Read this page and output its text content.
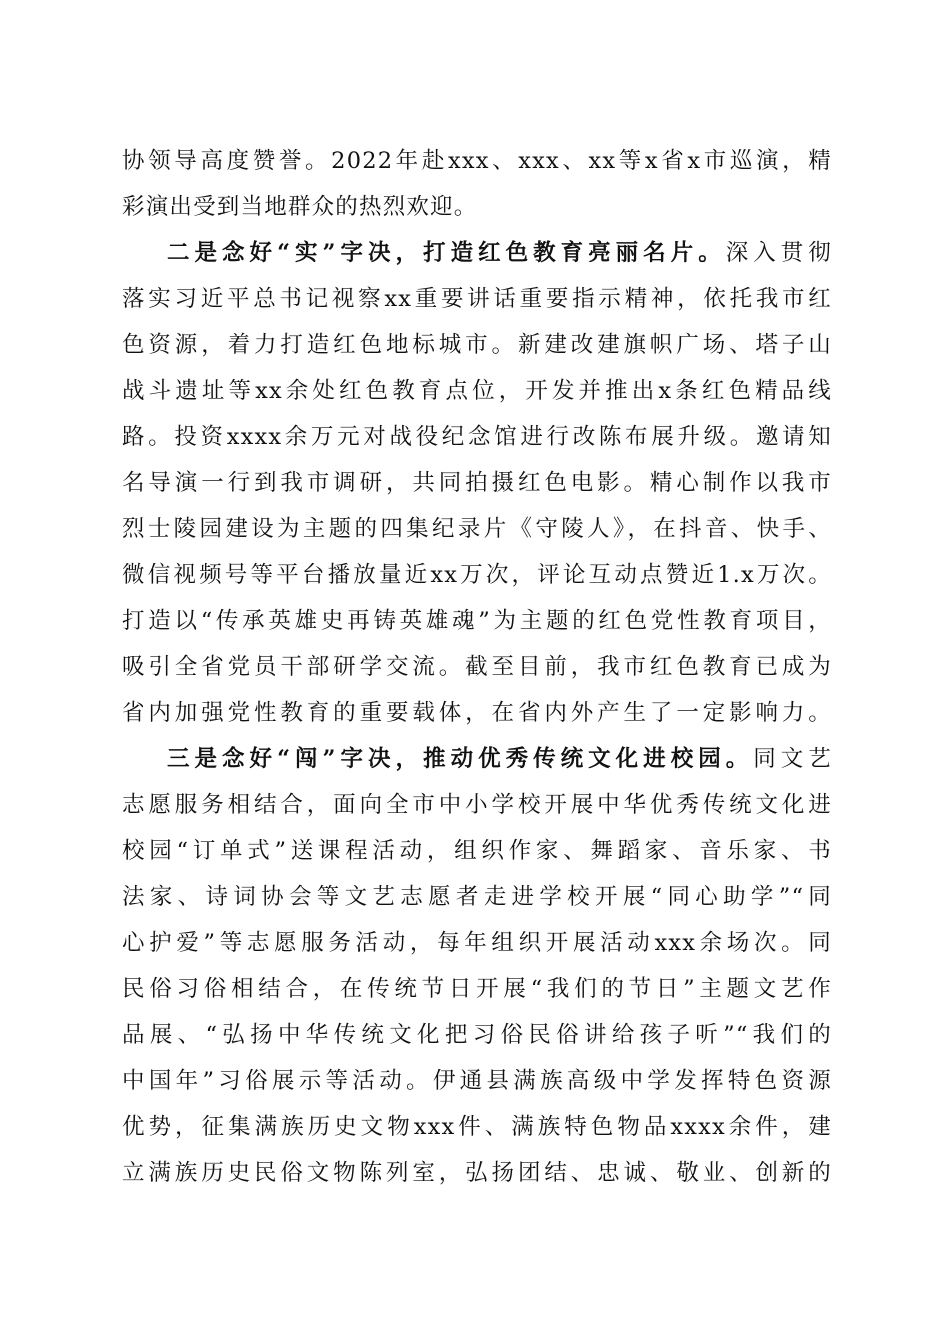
协领导高度赞誉。2022年赴xxx、xxx、xx等x省x市巡演，精
彩演出受到当地群众的热烈欢迎。
二是念好“实”字决，打造红色教育亮丽名片。深入贯彻
落实习近平总书记视察xx重要讲话重要指示精神，依托我市红
色资源，着力打造红色地标城市。新建改建旗帜广场、塔子山
战斗遗址等xx余处红色教育点位，开发并推出x条红色精品线
路。投资xxxx余万元对战役纪念馆进行改陈布展升级。邀请知
名导演一行到我市调研，共同拍摄红色电影。精心制作以我市
烈士陵园建设为主题的四集纪录片《守陵人》，在抖音、快手、
微信视频号等平台播放量近xx万次，评论互动点赞近1.x万次。
打造以“传承英雄史再铸英雄魂”为主题的红色党性教育项目，
吸引全省党员干部研学交流。截至目前，我市红色教育已成为
省内加强党性教育的重要载体，在省内外产生了一定影响力。
三是念好“闯”字决，推动优秀传统文化进校园。同文艺
志愿服务相结合，面向全市中小学校开展中华优秀传统文化进
校园“订单式”送课程活动，组织作家、舞蹈家、音乐家、书
法家、诗词协会等文艺志愿者走进学校开展“同心助学”“同
心护爱”等志愿服务活动，每年组织开展活动xxx余场次。同
民俗习俗相结合，在传统节日开展“我们的节日”主题文艺作
品展、“弘扬中华传统文化把习俗民俗讲给孩子听”“我们的
中国年”习俗展示等活动。伊通县满族高级中学发挥特色资源
优势，征集满族历史文物xxx件、满族特色物品xxxx余件，建
立满族历史民俗文物陈列室，弘扬团结、忠诚、敬业、创新的
